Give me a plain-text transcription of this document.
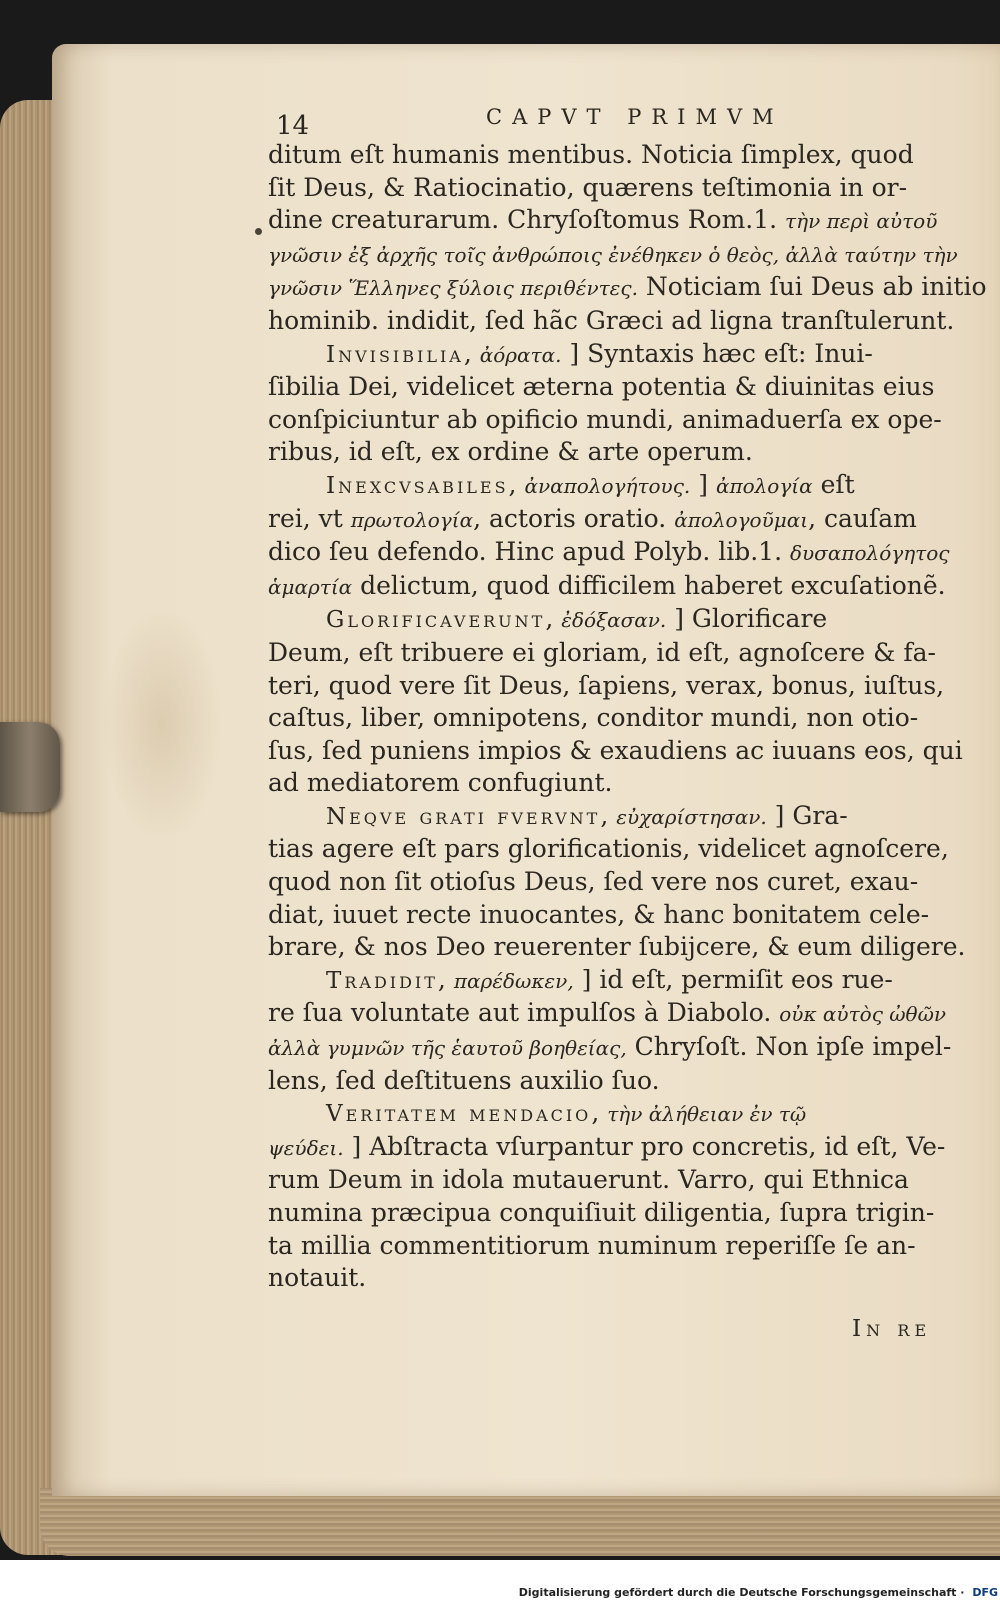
14	CAPVT PRIMVM
ditum eſt humanis mentibus. Noticia ſimplex, quod
ſit Deus, & Ratiocinatio, quærens teſtimonia in or-
dine creaturarum. Chryſoſtomus Rom.1. τὴν περὶ αὐτοῦ
γνῶσιν ἐξ ἀρχῆς τοῖς ἀνθρώποις ἐνέθηκεν ὁ θεὸς, ἀλλὰ ταύτην τὴν
γνῶσιν Ἕλληνες ξύλοις περιθέντες. Noticiam ſui Deus ab initio
hominib. indidit, ſed hãc Græci ad ligna tranſtulerunt.
Invisibilia, ἀόρατα. ] Syntaxis hæc eſt: Inui-
ſibilia Dei, videlicet æterna potentia & diuinitas eius
conſpiciuntur ab opificio mundi, animaduerſa ex ope-
ribus, id eſt, ex ordine & arte operum.
Inexcvsabiles, ἀναπολογήτους. ] ἀπολογία eſt
rei, vt πρωτολογία, actoris oratio. ἀπολογοῦμαι, cauſam
dico ſeu defendo. Hinc apud Polyb. lib.1. δυσαπολόγητος
ἁμαρτία delictum, quod difficilem haberet excuſationẽ.
Glorificaverunt, ἐδόξασαν. ] Glorificare
Deum, eſt tribuere ei gloriam, id eſt, agnoſcere & fa-
teri, quod vere ſit Deus, ſapiens, verax, bonus, iuſtus,
caſtus, liber, omnipotens, conditor mundi, non otio-
ſus, ſed puniens impios & exaudiens ac iuuans eos, qui
ad mediatorem confugiunt.
Neqve grati fvervnt, εὐχαρίστησαν. ] Gra-
tias agere eſt pars glorificationis, videlicet agnoſcere,
quod non ſit otioſus Deus, ſed vere nos curet, exau-
diat, iuuet recte inuocantes, & hanc bonitatem cele-
brare, & nos Deo reuerenter ſubijcere, & eum diligere.
Tradidit, παρέδωκεν, ] id eſt, permiſit eos rue-
re ſua voluntate aut impulſos à Diabolo. οὐκ αὐτὸς ὠθῶν
ἀλλὰ γυμνῶν τῆς ἑαυτοῦ βοηθείας, Chryſoſt. Non ipſe impel-
lens, ſed deſtituens auxilio ſuo.
Veritatem mendacio, τὴν ἀλήθειαν ἐν τῷ
ψεύδει. ] Abſtracta vſurpantur pro concretis, id eſt, Ve-
rum Deum in idola mutauerunt. Varro, qui Ethnica
numina præcipua conquiſiuit diligentia, ſupra trigin-
ta millia commentitiorum numinum reperiſſe ſe an-
notauit.
In re
Digitalisierung gefördert durch die Deutsche Forschungsgemeinschaft · DFG
